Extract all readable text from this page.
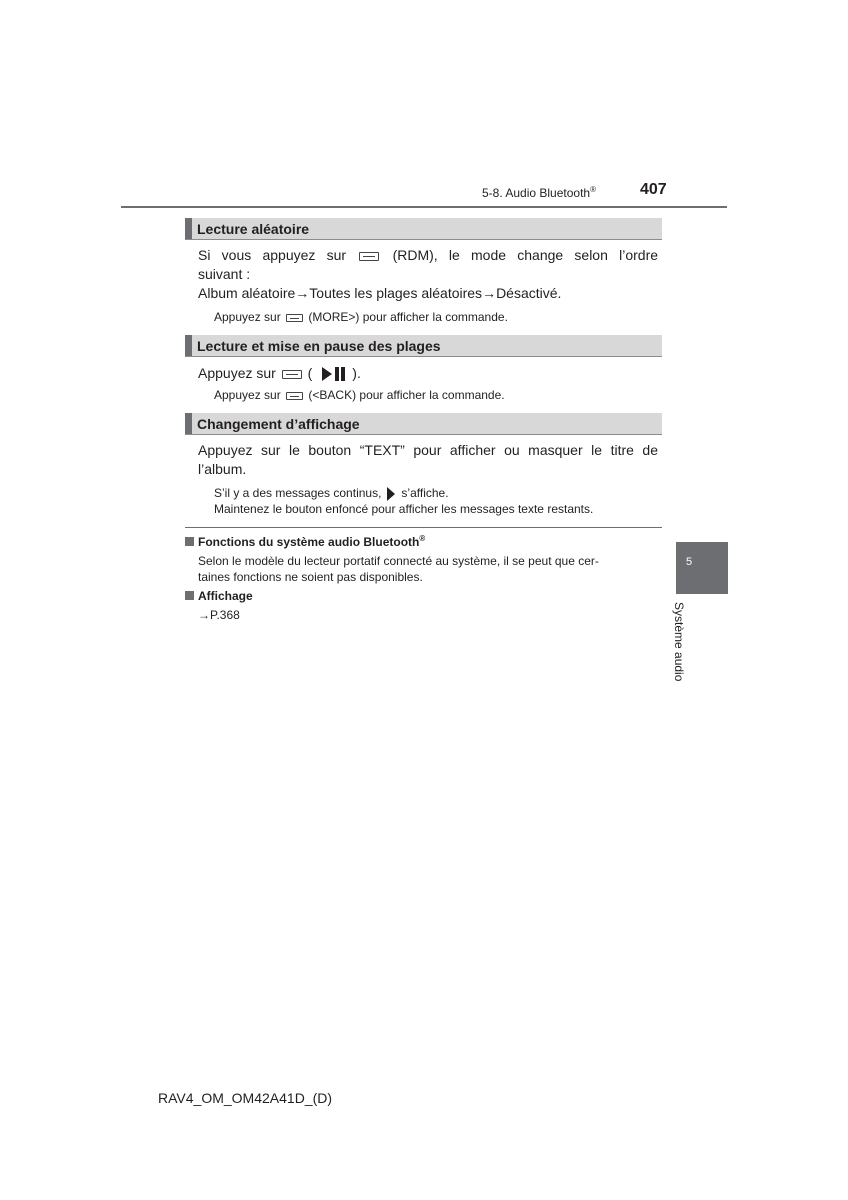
5-8. Audio Bluetooth®	407
Lecture aléatoire
Si vous appuyez sur	(RDM), le mode change selon l’ordre
suivant :
Album aléatoire→Toutes les plages aléatoires→Désactivé.
Appuyez sur (MORE>) pour afficher la commande.
Lecture et mise en pause des plages
Appuyez sur (	).
Appuyez sur (<BACK) pour afficher la commande.
Changement d’affichage
Appuyez sur le bouton “TEXT” pour afficher ou masquer le titre de
l’album.
S’il y a des messages continus, s’affiche.
Maintenez le bouton enfoncé pour afficher les messages texte restants.
Fonctions du système audio Bluetooth®
Selon le modèle du lecteur portatif connecté au système, il se peut que cer-
taines fonctions ne soient pas disponibles.
Affichage
→P.368
5
Système audio
RAV4_OM_OM42A41D_(D)
